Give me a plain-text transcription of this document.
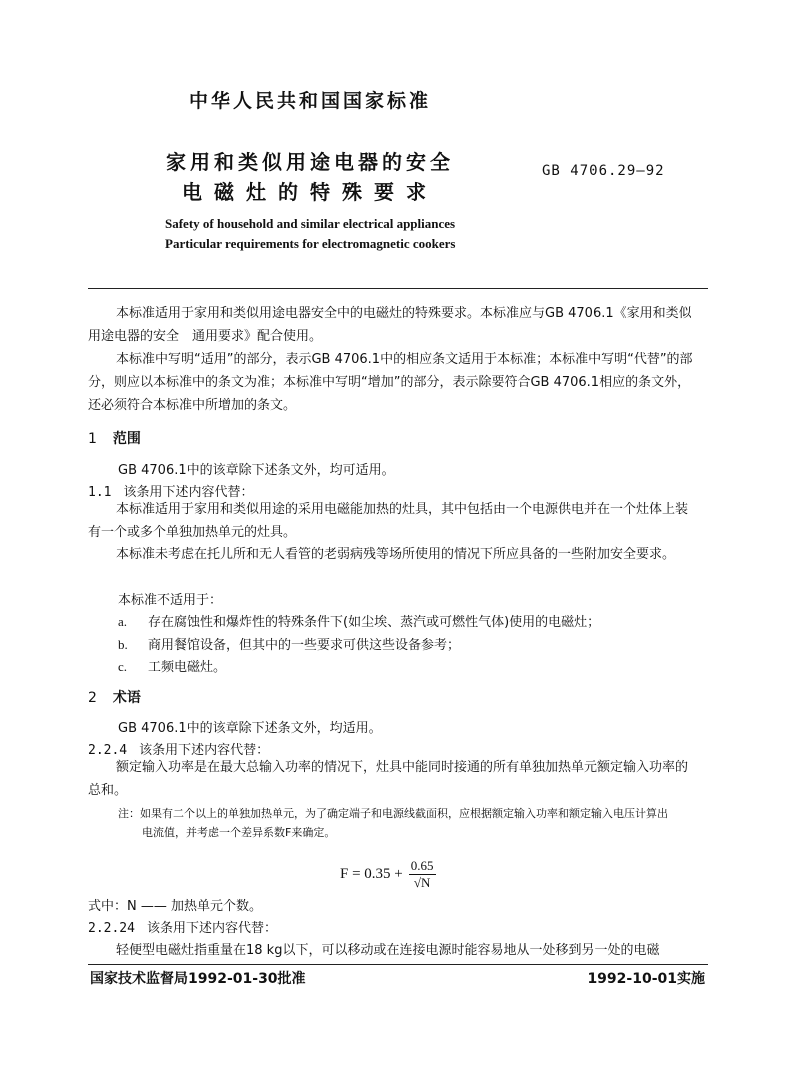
中华人民共和国国家标准
家用和类似用途电器的安全
电磁灶的特殊要求
GB 4706.29—92
Safety of household and similar electrical appliances
Particular requirements for electromagnetic cookers
本标准适用于家用和类似用途电器安全中的电磁灶的特殊要求。本标准应与GB 4706.1《家用和类似用途电器的安全　通用要求》配合使用。
本标准中写明“适用”的部分，表示GB 4706.1中的相应条文适用于本标准；本标准中写明“代替”的部分，则应以本标准中的条文为准；本标准中写明“增加”的部分，表示除要符合GB 4706.1相应的条文外，还必须符合本标准中所增加的条文。
1 范围
GB 4706.1中的该章除下述条文外，均可适用。
1.1 该条用下述内容代替：
本标准适用于家用和类似用途的采用电磁能加热的灶具，其中包括由一个电源供电并在一个灶体上装有一个或多个单独加热单元的灶具。
本标准未考虑在托儿所和无人看管的老弱病残等场所使用的情况下所应具备的一些附加安全要求。
本标准不适用于：
a. 存在腐蚀性和爆炸性的特殊条件下(如尘埃、蒸汽或可燃性气体)使用的电磁灶；
b. 商用餐馆设备，但其中的一些要求可供这些设备参考；
c. 工频电磁灶。
2 术语
GB 4706.1中的该章除下述条文外，均适用。
2.2.4 该条用下述内容代替：
额定输入功率是在最大总输入功率的情况下，灶具中能同时接通的所有单独加热单元额定输入功率的总和。
注：如果有二个以上的单独加热单元，为了确定端子和电源线截面积，应根据额定输入功率和额定输入电压计算出
电流值，并考虑一个差异系数F来确定。
$F = 0.35 + \frac{0.65}{√N}$
式中：N —— 加热单元个数。
2.2.24 该条用下述内容代替：
轻便型电磁灶指重量在18 kg以下，可以移动或在连接电源时能容易地从一处移到另一处的电磁
国家技术监督局1992-01-30批准	1992-10-01实施
